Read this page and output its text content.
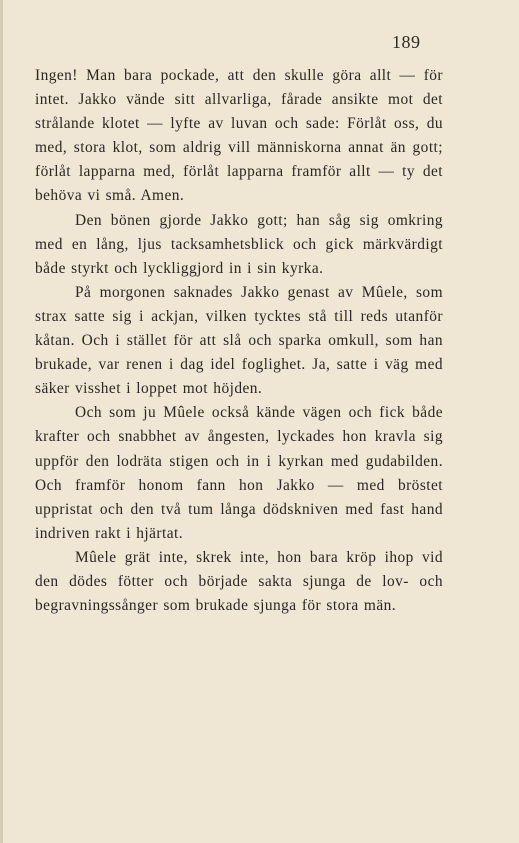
189

Ingen! Man bara pockade, att den skulle göra allt — för intet. Jakko vände sitt allvarliga, fårade ansikte mot det strålande klotet — lyfte av luvan och sade: Förlåt oss, du med, stora klot, som aldrig vill människorna annat än gott; förlåt lapparna med, förlåt lapparna framför allt — ty det behöva vi små. Amen.

Den bönen gjorde Jakko gott; han såg sig omkring med en lång, ljus tacksamhetsblick och gick märkvärdigt både styrkt och lyckliggjord in i sin kyrka.

På morgonen saknades Jakko genast av Mûele, som strax satte sig i ackjan, vilken tycktes stå till reds utanför kåtan. Och i stället för att slå och sparka omkull, som han brukade, var renen i dag idel foglighet. Ja, satte i väg med säker visshet i loppet mot höjden.

Och som ju Mûele också kände vägen och fick både krafter och snabbhet av ångesten, lyckades hon kravla sig uppför den lodräta stigen och in i kyrkan med gudabilden. Och framför honom fann hon Jakko — med bröstet uppristat och den två tum långa dödskniven med fast hand indriven rakt i hjärtat.

Mûele grät inte, skrek inte, hon bara kröp ihop vid den dödes fötter och började sakta sjunga de lov- och begravningssånger som brukade sjunga för stora män.
